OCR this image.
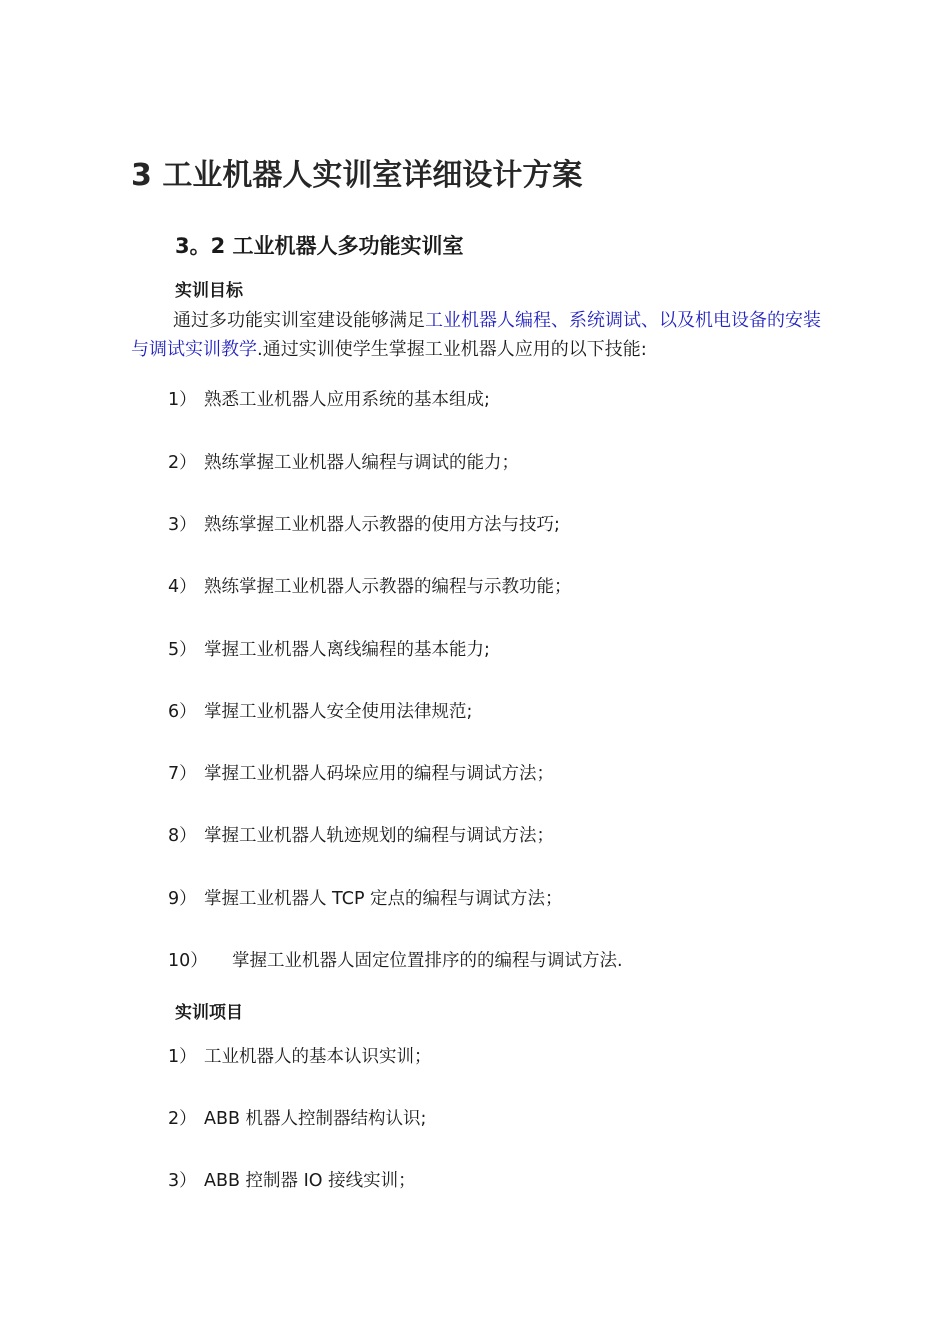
3 工业机器人实训室详细设计方案
3。2 工业机器人多功能实训室
实训目标
通过多功能实训室建设能够满足工业机器人编程、系统调试、以及机电设备的安装与调试实训教学.通过实训使学生掌握工业机器人应用的以下技能:
1） 熟悉工业机器人应用系统的基本组成;
2） 熟练掌握工业机器人编程与调试的能力；
3） 熟练掌握工业机器人示教器的使用方法与技巧;
4） 熟练掌握工业机器人示教器的编程与示教功能；
5） 掌握工业机器人离线编程的基本能力;
6） 掌握工业机器人安全使用法律规范;
7） 掌握工业机器人码垛应用的编程与调试方法；
8） 掌握工业机器人轨迹规划的编程与调试方法；
9） 掌握工业机器人 TCP 定点的编程与调试方法；
10） 掌握工业机器人固定位置排序的的编程与调试方法.
实训项目
1） 工业机器人的基本认识实训；
2） ABB 机器人控制器结构认识;
3） ABB 控制器 IO 接线实训；
